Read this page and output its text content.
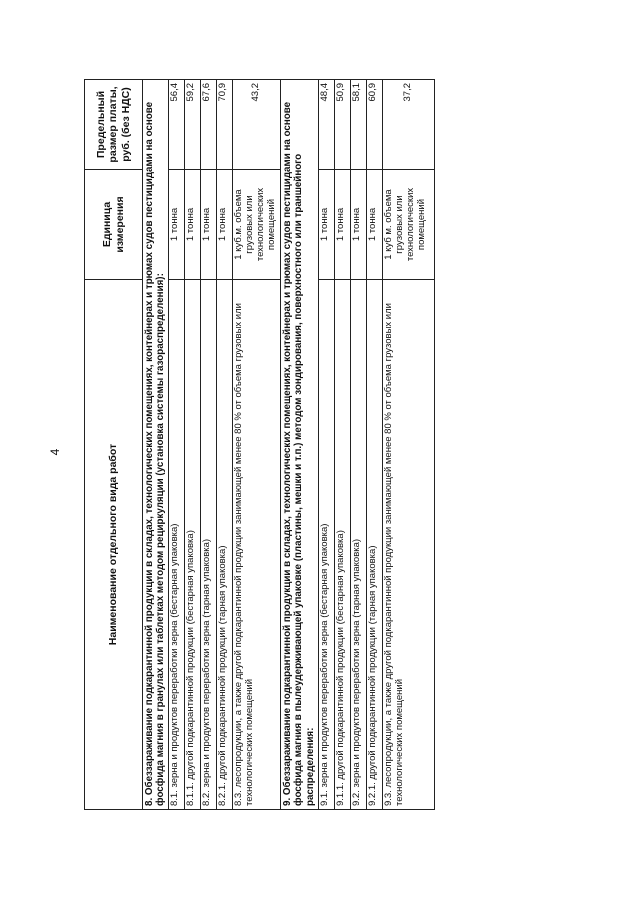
4	Наименование отдельного вида работ	Единица измерения	Предельный размер платы, руб. (без НДС)
8. Обеззараживание подкарантинной продукции в складах, технологических помещениях, контейнерах и трюмах судов пестицидами на основе фосфида магния в гранулах или таблетках методом рециркуляции (установка системы газораспределения):		
8.1. зерна и продуктов переработки зерна (бестарная упаковка)	1 тонна	56,4
8.1.1. другой подкарантинной продукции (бестарная упаковка)	1 тонна	59,2
8.2. зерна и продуктов переработки зерна (тарная упаковка)	1 тонна	67,6
8.2.1. другой подкарантинной продукции (тарная упаковка)	1 тонна	70,9
8.3. лесопродукции, а также другой подкарантинной продукции занимающей менее 80 % от объема грузовых или технологических помещений	1 куб.м. объема грузовых или технологических помещений	43,2
9. Обеззараживание подкарантинной продукции в складах, технологических помещениях, контейнерах и трюмах судов пестицидами на основе фосфида магния в пылеудерживающей упаковке (пластины, мешки и т.п.) методом зондирования, поверхностного или траншейного распределения:		
9.1. зерна и продуктов переработки зерна (бестарная упаковка)	1 тонна	48,4
9.1.1. другой подкарантинной продукции (бестарная упаковка)	1 тонна	50,9
9.2. зерна и продуктов переработки зерна (тарная упаковка)	1 тонна	58,1
9.2.1. другой подкарантинной продукции (тарная упаковка)	1 тонна	60,9
9.3. лесопродукции, а также другой подкарантинной продукции занимающей менее 80 % от объема грузовых или технологических помещений	1 куб м. объема грузовых или технологических помещений	37,2
